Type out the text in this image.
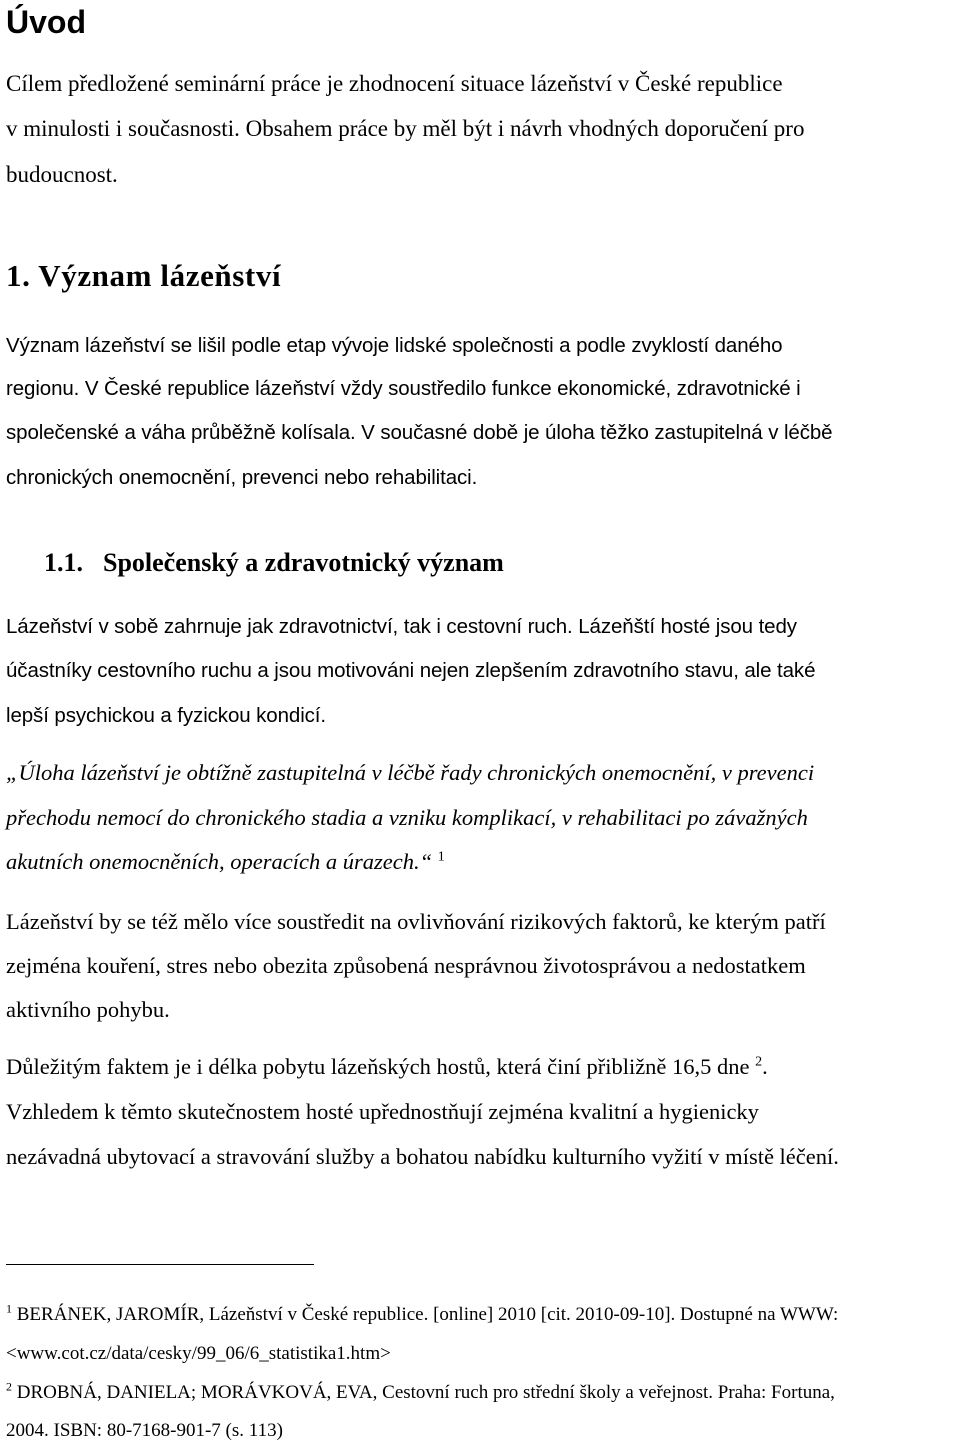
Úvod

Cílem předložené seminární práce je zhodnocení situace lázeňství v České republice

v minulosti i současnosti. Obsahem práce by měl být i návrh vhodných doporučení pro

budoucnost.

1. Význam lázeňství

Význam lázeňství se lišil podle etap vývoje lidské společnosti a podle zvyklostí daného

regionu. V České republice lázeňství vždy soustředilo funkce ekonomické, zdravotnické i

společenské a váha průběžně kolísala. V současné době je úloha těžko zastupitelná v léčbě

chronických onemocnění, prevenci nebo rehabilitaci.

1.1. Společenský a zdravotnický význam

Lázeňství v sobě zahrnuje jak zdravotnictví, tak i cestovní ruch. Lázeňští hosté jsou tedy

účastníky cestovního ruchu a jsou motivováni nejen zlepšením zdravotního stavu, ale také

lepší psychickou a fyzickou kondicí.

„Úloha lázeňství je obtížně zastupitelná v léčbě řady chronických onemocnění, v prevenci

přechodu nemocí do chronického stadia a vzniku komplikací, v rehabilitaci po závažných

akutních onemocněních, operacích a úrazech.“ $^1$

Lázeňství by se též mělo více soustředit na ovlivňování rizikových faktorů, ke kterým patří

zejména kouření, stres nebo obezita způsobená nesprávnou životosprávou a nedostatkem

aktivního pohybu.

Důležitým faktem je i délka pobytu lázeňských hostů, která činí přibližně 16,5 dne $^2$.

Vzhledem k těmto skutečnostem hosté upřednostňují zejména kvalitní a hygienicky

nezávadná ubytovací a stravování služby a bohatou nabídku kulturního vyžití v místě léčení.

$^1$ BERÁNEK, JAROMÍR, Lázeňství v České republice. [online] 2010 [cit. 2010-09-10]. Dostupné na WWW:

<www.cot.cz/data/cesky/99_06/6_statistika1.htm>

$^2$ DROBNÁ, DANIELA; MORÁVKOVÁ, EVA, Cestovní ruch pro střední školy a veřejnost. Praha: Fortuna,

2004. ISBN: 80-7168-901-7 (s. 113)
